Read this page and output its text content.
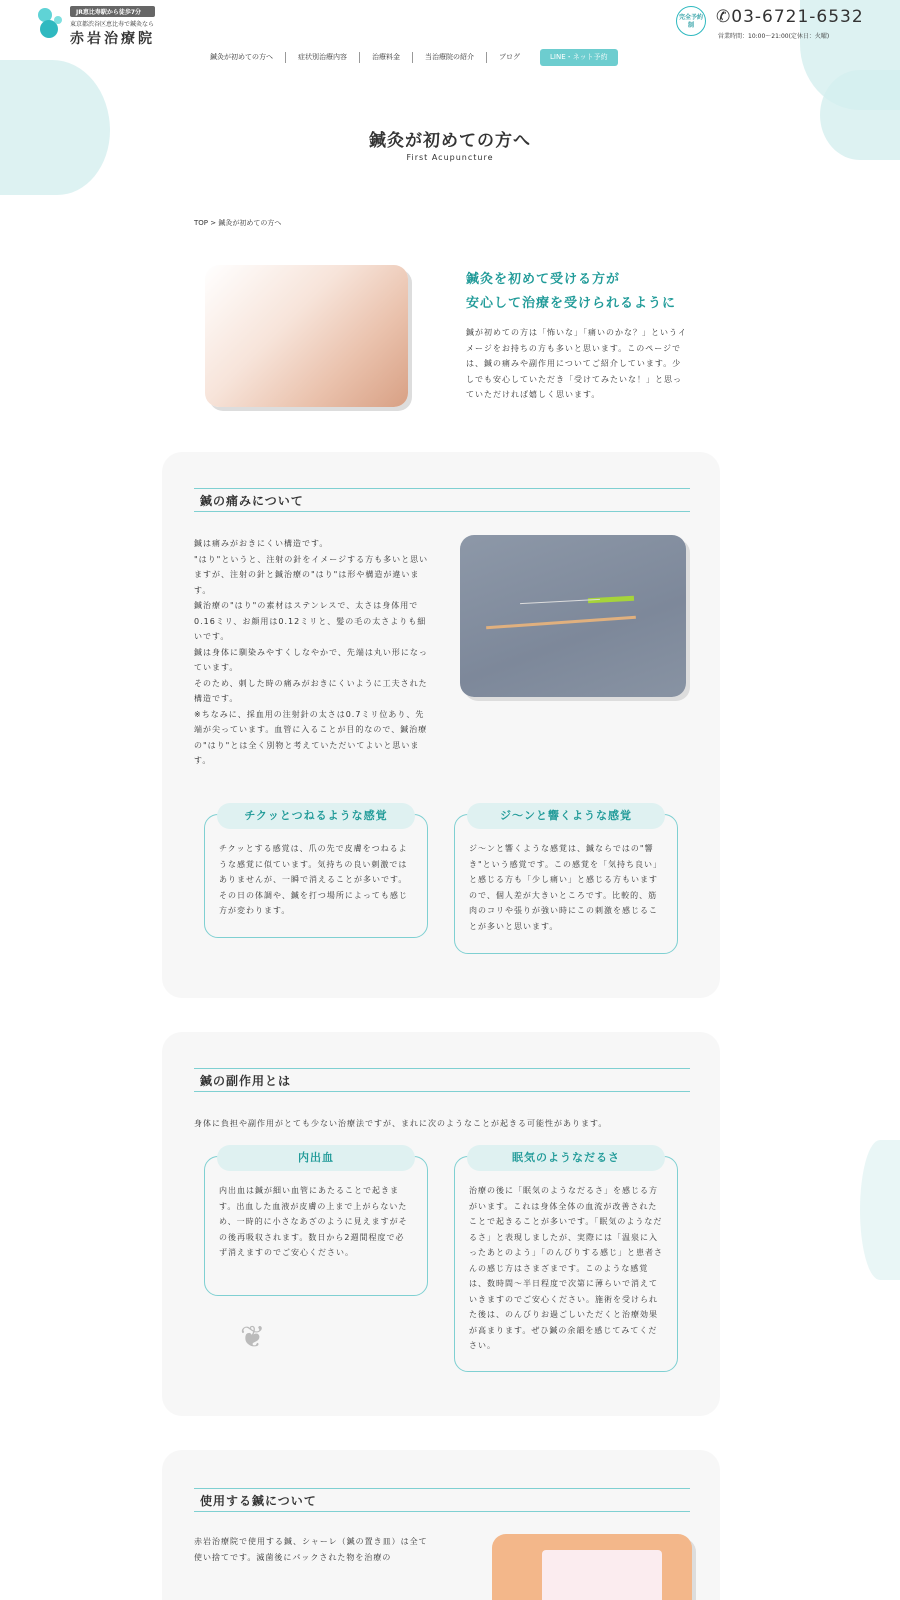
JR恵比寿駅から徒歩7分
東京都渋谷区恵比寿で鍼灸なら
赤岩治療院
完全予約制	✆03-6721-6532
営業時間：10:00〜21:00(定休日：火曜)
鍼灸が初めての方へ	症状別治療内容	治療料金	当治療院の紹介	ブログ	LINE・ネット予約
鍼灸が初めての方へ
First Acupuncture
TOP > 鍼灸が初めての方へ
鍼灸を初めて受ける方が
安心して治療を受けられるように
鍼が初めての方は「怖いな」「痛いのかな？」というイメージをお持ちの方も多いと思います。このページでは、鍼の痛みや副作用についてご紹介しています。少しでも安心していただき「受けてみたいな！」と思っていただければ嬉しく思います。
鍼の痛みについて

鍼は痛みがおきにくい構造です。

"はり"というと、注射の針をイメージする方も多いと思いますが、注射の針と鍼治療の"はり"は形や構造が違います。

鍼治療の"はり"の素材はステンレスで、太さは身体用で0.16ミリ、お顔用は0.12ミリと、髪の毛の太さよりも細いです。

鍼は身体に馴染みやすくしなやかで、先端は丸い形になっています。

そのため、刺した時の痛みがおきにくいように工夫された構造です。

※ちなみに、採血用の注射針の太さは0.7ミリ位あり、先端が尖っています。血管に入ることが目的なので、鍼治療の"はり"とは全く別物と考えていただいてよいと思います。

チクッとつねるような感覚
チクッとする感覚は、爪の先で皮膚をつねるような感覚に似ています。気持ちの良い刺激ではありませんが、一瞬で消えることが多いです。その日の体調や、鍼を打つ場所によっても感じ方が変わります。
ジ〜ンと響くような感覚
ジ〜ンと響くような感覚は、鍼ならではの"響き"という感覚です。この感覚を「気持ち良い」と感じる方も「少し痛い」と感じる方もいますので、個人差が大きいところです。比較的、筋肉のコリや張りが強い時にこの刺激を感じることが多いと思います。
鍼の副作用とは
身体に負担や副作用がとても少ない治療法ですが、まれに次のようなことが起きる可能性があります。
内出血
内出血は鍼が細い血管にあたることで起きます。出血した血液が皮膚の上まで上がらないため、一時的に小さなあざのように見えますがその後再吸収されます。数日から2週間程度で必ず消えますのでご安心ください。
眠気のようなだるさ
治療の後に「眠気のようなだるさ」を感じる方がいます。これは身体全体の血流が改善されたことで起きることが多いです。「眠気のようなだるさ」と表現しましたが、実際には「温泉に入ったあとのよう」「のんびりする感じ」と患者さんの感じ方はさまざまです。このような感覚は、数時間〜半日程度で次第に薄らいで消えていきますのでご安心ください。施術を受けられた後は、のんびりお過ごしいただくと治療効果が高まります。ぜひ鍼の余韻を感じてみてください。
❦
使用する鍼について
赤岩治療院で使用する鍼、シャーレ（鍼の置き皿）は全て使い捨てです。滅菌後にパックされた物を治療の
